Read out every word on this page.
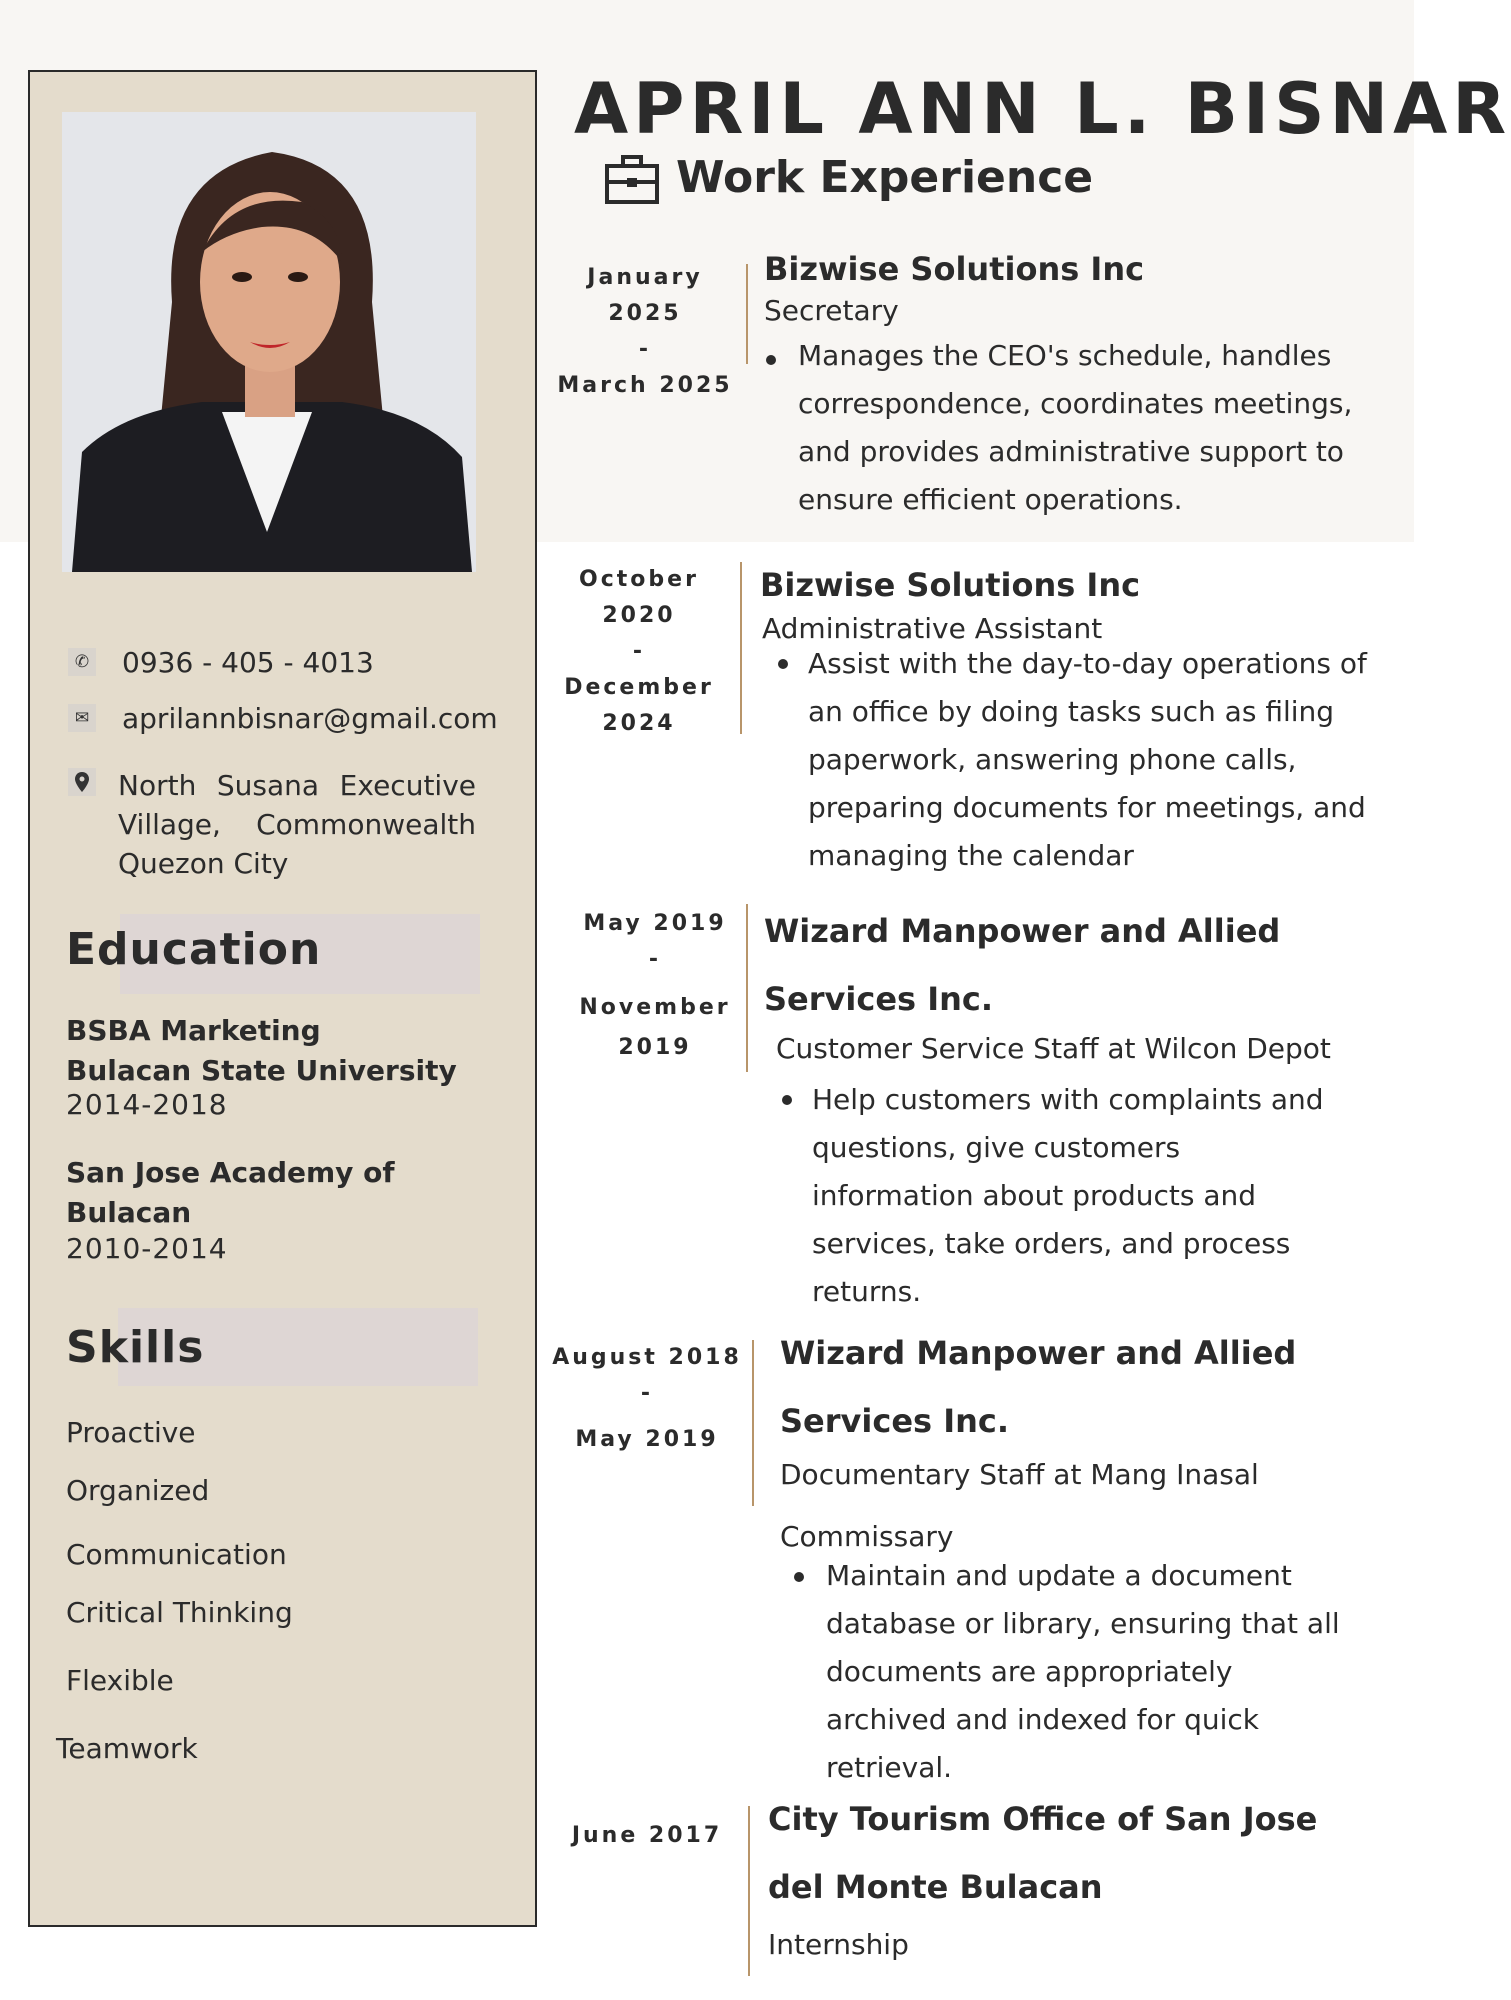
✆ 0936 - 405 - 4013
✉ aprilannbisnar@gmail.com
North Susana Executive Village, Commonwealth Quezon City
Education
BSBA Marketing
Bulacan State University
2014-2018
San Jose Academy of
Bulacan
2010-2014
Skills
Proactive
Organized
Communication
Critical Thinking
Flexible
Teamwork
APRIL ANN L. BISNAR
Work Experience
January 2025
-
March 2025
Bizwise Solutions Inc
Secretary
Manages the CEO's schedule, handles correspondence, coordinates meetings, and provides administrative support to ensure efficient operations.
October 2020
-
December
2024
Bizwise Solutions Inc
Administrative Assistant
Assist with the day-to-day operations of an office by doing tasks such as filing paperwork, answering phone calls, preparing documents for meetings, and managing the calendar
May 2019
-
November
2019
Wizard Manpower and Allied
Services Inc.
Customer Service Staff at Wilcon Depot
Help customers with complaints and questions, give customers information about products and services, take orders, and process returns.
August 2018
-
May 2019
Wizard Manpower and Allied
Services Inc.
Documentary Staff at Mang Inasal
Commissary
Maintain and update a document database or library, ensuring that all documents are appropriately archived and indexed for quick retrieval.
June 2017	City Tourism Office of San Jose
del Monte Bulacan
Internship
